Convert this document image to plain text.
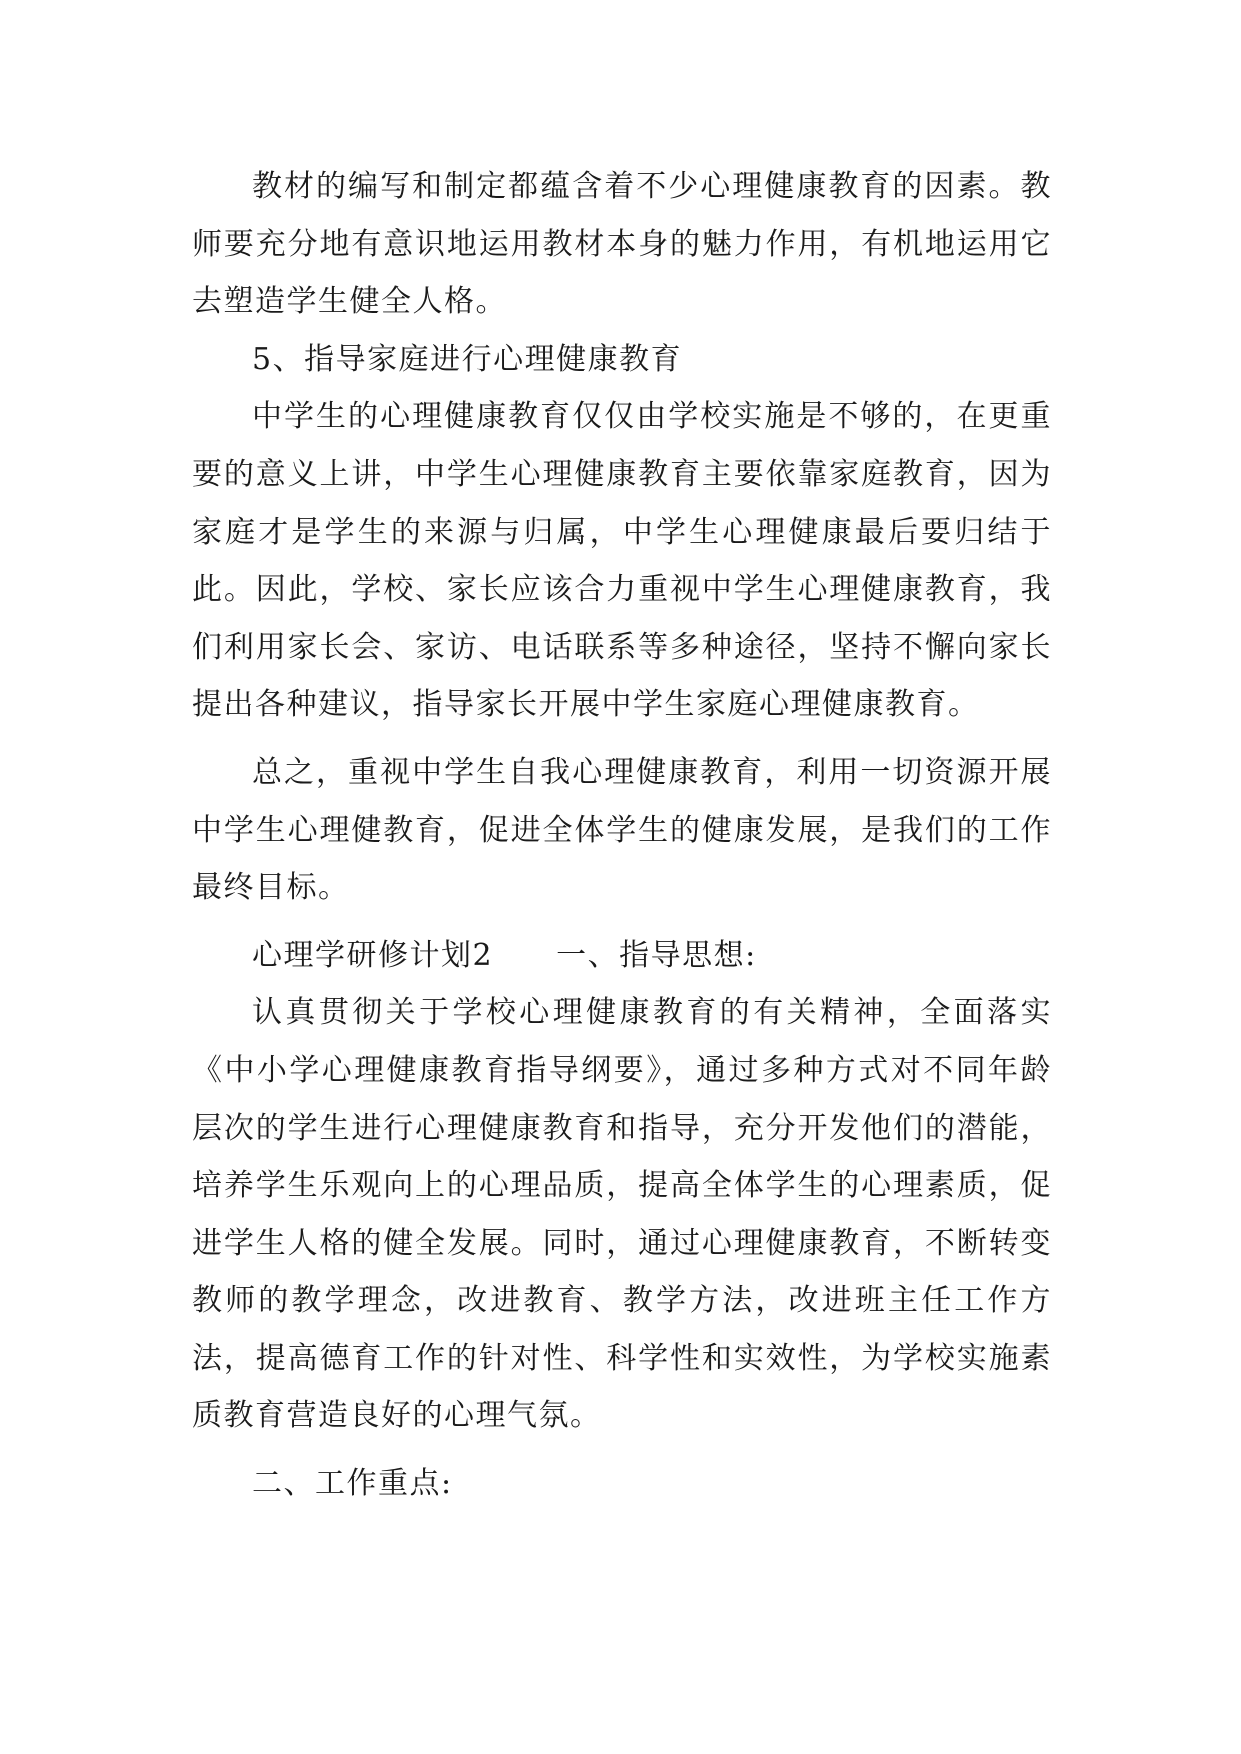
教材的编写和制定都蕴含着不少心理健康教育的因素。教师要充分地有意识地运用教材本身的魅力作用，有机地运用它去塑造学生健全人格。

5、指导家庭进行心理健康教育

中学生的心理健康教育仅仅由学校实施是不够的，在更重要的意义上讲，中学生心理健康教育主要依靠家庭教育，因为家庭才是学生的来源与归属，中学生心理健康最后要归结于此。因此，学校、家长应该合力重视中学生心理健康教育，我们利用家长会、家访、电话联系等多种途径，坚持不懈向家长提出各种建议，指导家长开展中学生家庭心理健康教育。

总之，重视中学生自我心理健康教育，利用一切资源开展中学生心理健教育，促进全体学生的健康发展，是我们的工作最终目标。

心理学研修计划2　　一、指导思想:

认真贯彻关于学校心理健康教育的有关精神，全面落实《中小学心理健康教育指导纲要》，通过多种方式对不同年龄层次的学生进行心理健康教育和指导，充分开发他们的潜能，培养学生乐观向上的心理品质，提高全体学生的心理素质，促进学生人格的健全发展。同时，通过心理健康教育，不断转变教师的教学理念，改进教育、教学方法，改进班主任工作方法，提高德育工作的针对性、科学性和实效性，为学校实施素质教育营造良好的心理气氛。

二、工作重点:
